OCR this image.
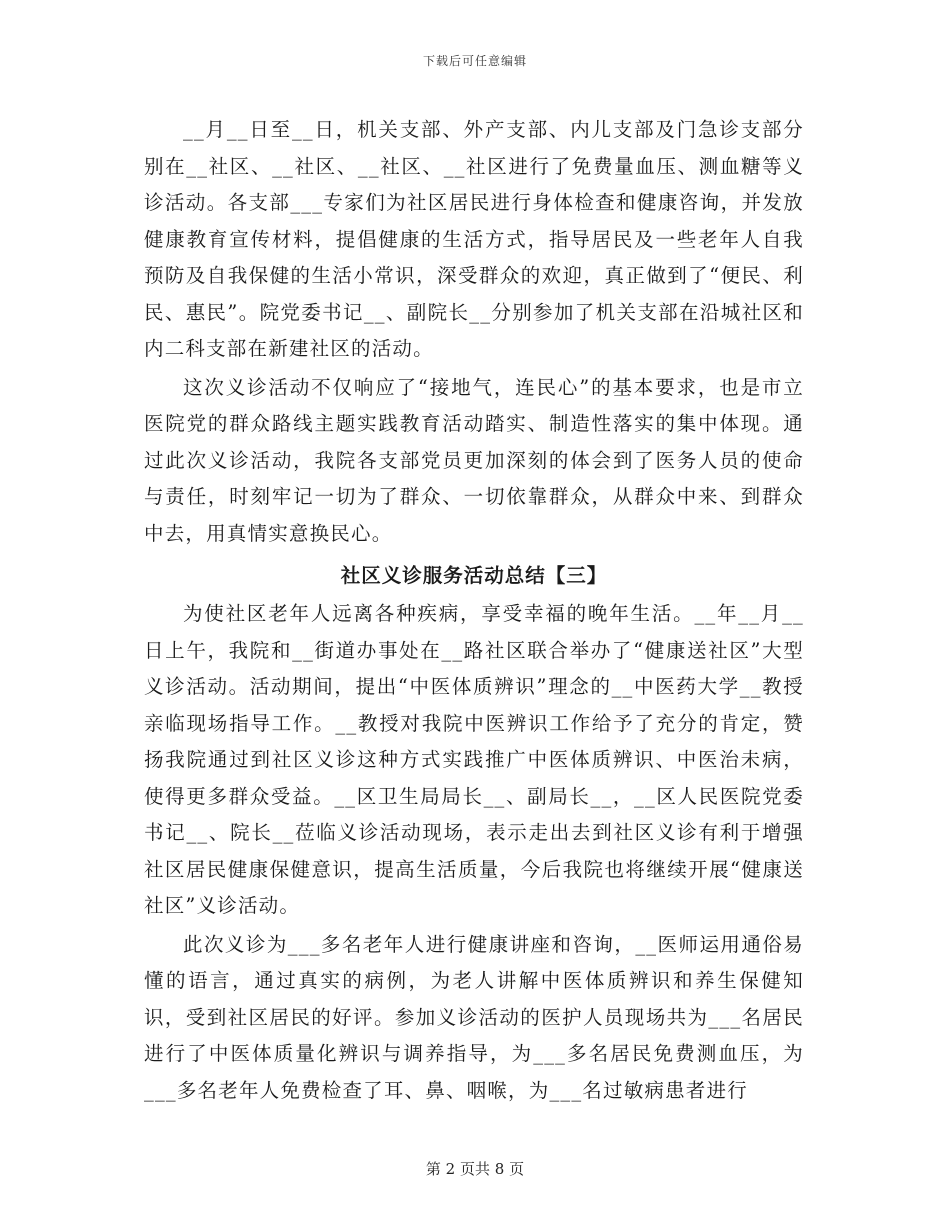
下载后可任意编辑

__月__日至__日，机关支部、外产支部、内儿支部及门急诊支部分别在__社区、__社区、__社区、__社区进行了免费量血压、测血糖等义诊活动。各支部___专家们为社区居民进行身体检查和健康咨询，并发放健康教育宣传材料，提倡健康的生活方式，指导居民及一些老年人自我预防及自我保健的生活小常识，深受群众的欢迎，真正做到了“便民、利民、惠民”。院党委书记__、副院长__分别参加了机关支部在沿城社区和内二科支部在新建社区的活动。

这次义诊活动不仅响应了“接地气，连民心”的基本要求，也是市立医院党的群众路线主题实践教育活动踏实、制造性落实的集中体现。通过此次义诊活动，我院各支部党员更加深刻的体会到了医务人员的使命与责任，时刻牢记一切为了群众、一切依靠群众，从群众中来、到群众中去，用真情实意换民心。

社区义诊服务活动总结【三】

为使社区老年人远离各种疾病，享受幸福的晚年生活。__年__月__日上午，我院和__街道办事处在__路社区联合举办了“健康送社区”大型义诊活动。活动期间，提出“中医体质辨识”理念的__中医药大学__教授亲临现场指导工作。__教授对我院中医辨识工作给予了充分的肯定，赞扬我院通过到社区义诊这种方式实践推广中医体质辨识、中医治未病，使得更多群众受益。__区卫生局局长__、副局长__，__区人民医院党委书记__、院长__莅临义诊活动现场，表示走出去到社区义诊有利于增强社区居民健康保健意识，提高生活质量，今后我院也将继续开展“健康送社区”义诊活动。

此次义诊为___多名老年人进行健康讲座和咨询，__医师运用通俗易懂的语言，通过真实的病例，为老人讲解中医体质辨识和养生保健知识，受到社区居民的好评。参加义诊活动的医护人员现场共为___名居民进行了中医体质量化辨识与调养指导，为___多名居民免费测血压，为___多名老年人免费检查了耳、鼻、咽喉，为___名过敏病患者进行

第 2 页共 8 页
